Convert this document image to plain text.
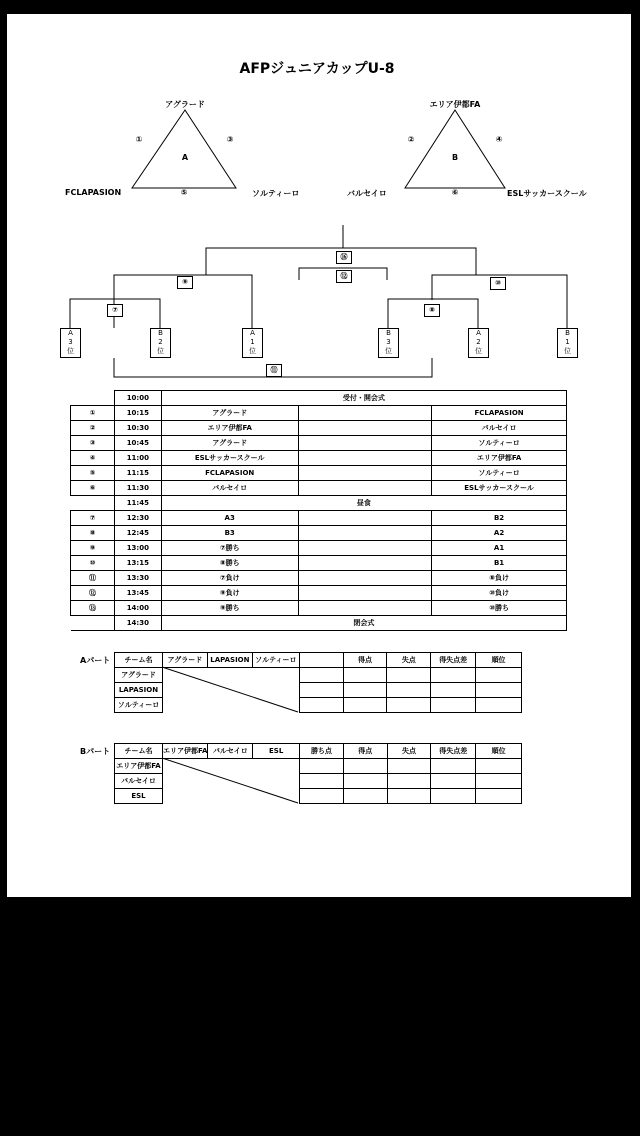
AFPジュニアカップU-8
アグラード
A
FCLAPASION	ソルティーロ
①	③
⑤
エリア伊都FA
B
バルセイロ	ESLサッカースクール
②	④
⑥
⑯
⑫
⑨	⑩
⑦	⑧
⑪
A
3
位
B
2
位
A
1
位
B
3
位
A
2
位
B
1
位
	10:00	受付・開会式		
①	10:15	アグラード		FCLAPASION
②	10:30	エリア伊都FA		バルセイロ
③	10:45	アグラード		ソルティーロ
④	11:00	ESLサッカースクール		エリア伊都FA
⑤	11:15	FCLAPASION		ソルティーロ
⑥	11:30	バルセイロ		ESLサッカースクール
	11:45	昼食		
⑦	12:30	A3		B2
⑧	12:45	B3		A2
⑨	13:00	⑦勝ち		A1
⑩	13:15	⑧勝ち		B1
⑪	13:30	⑦負け		⑧負け
⑫	13:45	⑨負け		⑩負け
⑬	14:00	⑨勝ち		⑩勝ち
	14:30	閉会式		
Aパート チーム名	アグラード	LAPASION	ソルティーロ		得点	失点	得失点差	順位
アグラード								
LAPASION								
ソルティーロ								
Bパート チーム名	エリア伊都FA	バルセイロ	ESL	勝ち点	得点	失点	得失点差	順位
エリア伊都FA								
バルセイロ								
ESL								
